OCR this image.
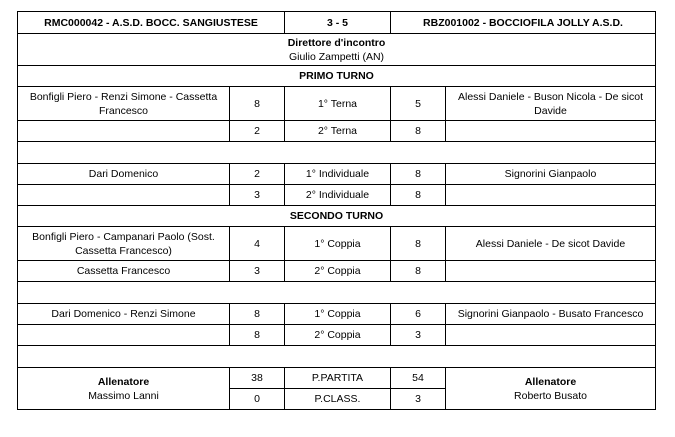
RMC000042 - A.S.D. BOCC. SANGIUSTESE		3 - 5	RBZ001002 - BOCCIOFILA JOLLY A.S.D.	

Direttore d'incontro
Giulio Zampetti (AN)				

PRIMO TURNO				
Bonfigli Piero - Renzi Simone - Cassetta Francesco	8	1° Terna	5	Alessi Daniele - Buson Nicola - De sicot Davide
	2	2° Terna	8	

Dari Domenico	2	1° Individuale	8	Signorini Gianpaolo
	3	2° Individuale	8	
SECONDO TURNO				
Bonfigli Piero - Campanari Paolo (Sost. Cassetta Francesco)	4	1° Coppia	8	Alessi Daniele - De sicot Davide
Cassetta Francesco	3	2° Coppia	8	

Dari Domenico - Renzi Simone	8	1° Coppia	6	Signorini Gianpaolo - Busato Francesco
	8	2° Coppia	3	

Allenatore
Massimo Lanni	38	P.PARTITA	54	Allenatore
Roberto Busato

	0	P.CLASS.	3	
